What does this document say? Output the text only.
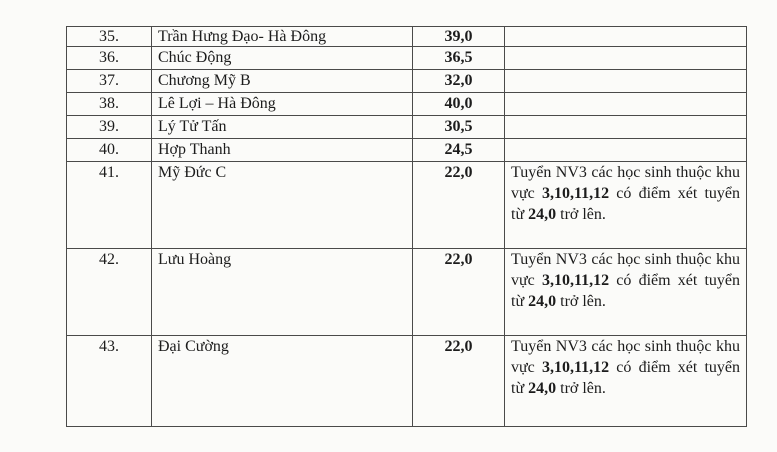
35.	Trần Hưng Đạo- Hà Đông	39,0	
36.	Chúc Động	36,5	
37.	Chương Mỹ B	32,0	
38.	Lê Lợi – Hà Đông	40,0	
39.	Lý Tử Tấn	30,5	
40.	Hợp Thanh	24,5	
41.	Mỹ Đức C	22,0	Tuyển NV3 các học sinh thuộc khu vực 3,10,11,12 có điểm xét tuyển từ 24,0 trở lên.
42.	Lưu Hoàng	22,0	Tuyển NV3 các học sinh thuộc khu vực 3,10,11,12 có điểm xét tuyển từ 24,0 trở lên.
43.	Đại Cường	22,0	Tuyển NV3 các học sinh thuộc khu vực 3,10,11,12 có điểm xét tuyển từ 24,0 trở lên.
